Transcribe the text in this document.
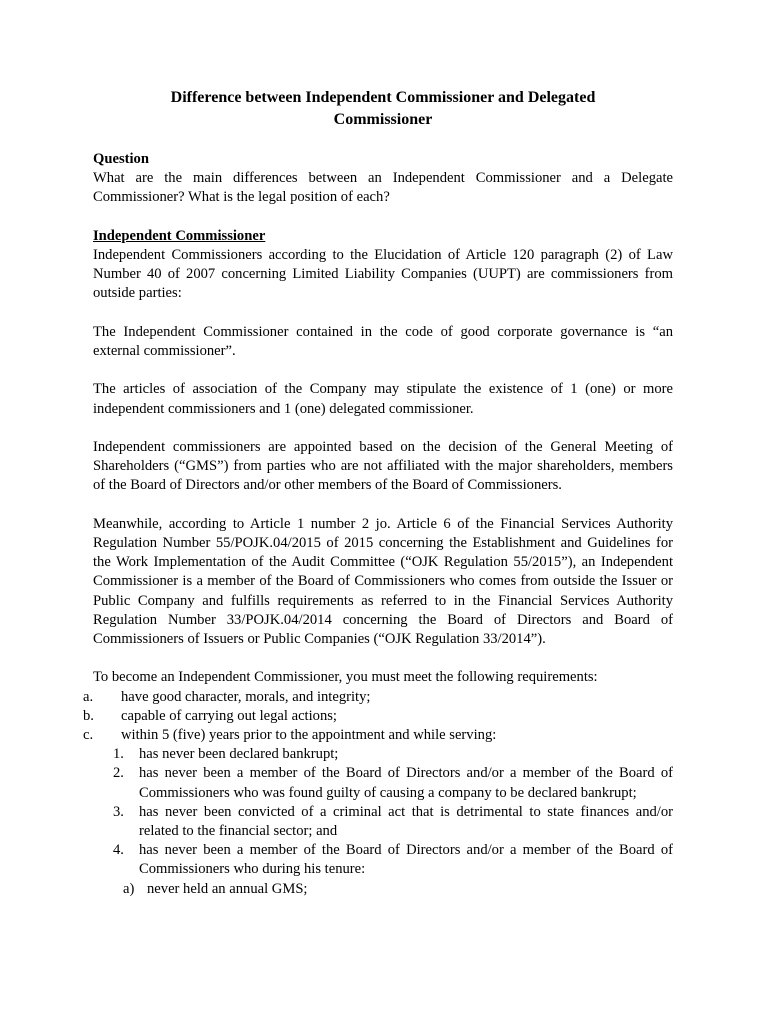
Difference between Independent Commissioner and Delegated Commissioner
Question

What are the main differences between an Independent Commissioner and a Delegate Commissioner? What is the legal position of each?

Independent Commissioner

Independent Commissioners according to the Elucidation of Article 120 paragraph (2) of Law Number 40 of 2007 concerning Limited Liability Companies (UUPT) are commissioners from outside parties:

The Independent Commissioner contained in the code of good corporate governance is “an external commissioner”.

The articles of association of the Company may stipulate the existence of 1 (one) or more independent commissioners and 1 (one) delegated commissioner.

Independent commissioners are appointed based on the decision of the General Meeting of Shareholders (“GMS”) from parties who are not affiliated with the major shareholders, members of the Board of Directors and/or other members of the Board of Commissioners.

Meanwhile, according to Article 1 number 2 jo. Article 6 of the Financial Services Authority Regulation Number 55/POJK.04/2015 of 2015 concerning the Establishment and Guidelines for the Work Implementation of the Audit Committee (“OJK Regulation 55/2015”), an Independent Commissioner is a member of the Board of Commissioners who comes from outside the Issuer or Public Company and fulfills requirements as referred to in the Financial Services Authority Regulation Number 33/POJK.04/2014 concerning the Board of Directors and Board of Commissioners of Issuers or Public Companies (“OJK Regulation 33/2014”).

To become an Independent Commissioner, you must meet the following requirements:

a.	have good character, morals, and integrity;
b.	capable of carrying out legal actions;
c.	within 5 (five) years prior to the appointment and while serving:
1.	has never been declared bankrupt;
2.	has never been a member of the Board of Directors and/or a member of the Board of Commissioners who was found guilty of causing a company to be declared bankrupt;
3.	has never been convicted of a criminal act that is detrimental to state finances and/or related to the financial sector; and
4.	has never been a member of the Board of Directors and/or a member of the Board of Commissioners who during his tenure:
a) never held an annual GMS;
